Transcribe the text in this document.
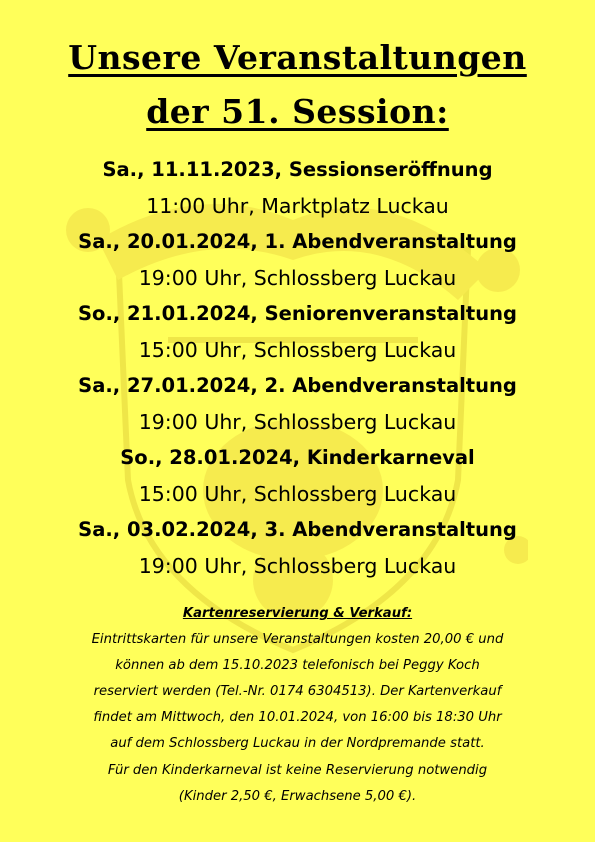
Unsere Veranstaltungen
der 51. Session:
Sa., 11.11.2023, Sessionseröffnung
11:00 Uhr, Marktplatz Luckau
Sa., 20.01.2024, 1. Abendveranstaltung
19:00 Uhr, Schlossberg Luckau
So., 21.01.2024, Seniorenveranstaltung
15:00 Uhr, Schlossberg Luckau
Sa., 27.01.2024, 2. Abendveranstaltung
19:00 Uhr, Schlossberg Luckau
So., 28.01.2024, Kinderkarneval
15:00 Uhr, Schlossberg Luckau
Sa., 03.02.2024, 3. Abendveranstaltung
19:00 Uhr, Schlossberg Luckau
Kartenreservierung & Verkauf:
Eintrittskarten für unsere Veranstaltungen kosten 20,00 € und
können ab dem 15.10.2023 telefonisch bei Peggy Koch
reserviert werden (Tel.-Nr. 0174 6304513). Der Kartenverkauf
findet am Mittwoch, den 10.01.2024, von 16:00 bis 18:30 Uhr
auf dem Schlossberg Luckau in der Nordpremande statt.
Für den Kinderkarneval ist keine Reservierung notwendig
(Kinder 2,50 €, Erwachsene 5,00 €).
